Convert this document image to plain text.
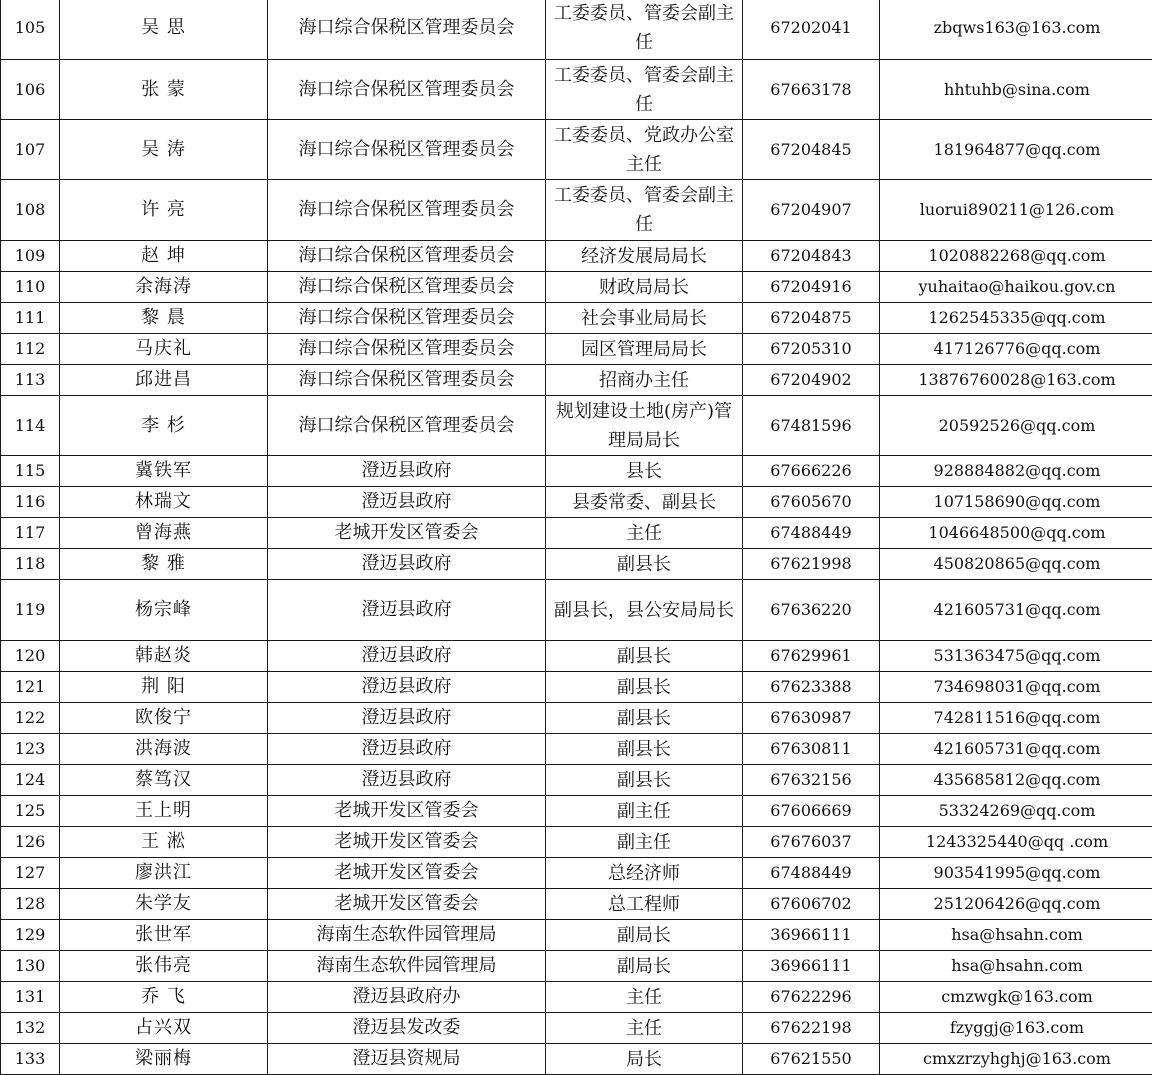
105	吴 思	海口综合保税区管理委员会	工委委员、管委会副主任	67202041	zbqws163@163.com
106	张 蒙	海口综合保税区管理委员会	工委委员、管委会副主任	67663178	hhtuhb@sina.com
107	吴 涛	海口综合保税区管理委员会	工委委员、党政办公室主任	67204845	181964877@qq.com
108	许 亮	海口综合保税区管理委员会	工委委员、管委会副主任	67204907	luorui890211@126.com
109	赵 坤	海口综合保税区管理委员会	经济发展局局长	67204843	1020882268@qq.com
110	余海涛	海口综合保税区管理委员会	财政局局长	67204916	yuhaitao@haikou.gov.cn
111	黎 晨	海口综合保税区管理委员会	社会事业局局长	67204875	1262545335@qq.com
112	马庆礼	海口综合保税区管理委员会	园区管理局局长	67205310	417126776@qq.com
113	邱进昌	海口综合保税区管理委员会	招商办主任	67204902	13876760028@163.com
114	李 杉	海口综合保税区管理委员会	规划建设土地(房产)管理局局长	67481596	20592526@qq.com
115	冀铁军	澄迈县政府	县长	67666226	928884882@qq.com
116	林瑞文	澄迈县政府	县委常委、副县长	67605670	107158690@qq.com
117	曾海燕	老城开发区管委会	主任	67488449	1046648500@qq.com
118	黎 雅	澄迈县政府	副县长	67621998	450820865@qq.com
119	杨宗峰	澄迈县政府	副县长，县公安局局长	67636220	421605731@qq.com
120	韩赵炎	澄迈县政府	副县长	67629961	531363475@qq.com
121	荆 阳	澄迈县政府	副县长	67623388	734698031@qq.com
122	欧俊宁	澄迈县政府	副县长	67630987	742811516@qq.com
123	洪海波	澄迈县政府	副县长	67630811	421605731@qq.com
124	蔡笃汉	澄迈县政府	副县长	67632156	435685812@qq.com
125	王上明	老城开发区管委会	副主任	67606669	53324269@qq.com
126	王 淞	老城开发区管委会	副主任	67676037	1243325440@qq .com
127	廖洪江	老城开发区管委会	总经济师	67488449	903541995@qq.com
128	朱学友	老城开发区管委会	总工程师	67606702	251206426@qq.com
129	张世军	海南生态软件园管理局	副局长	36966111	hsa@hsahn.com
130	张伟亮	海南生态软件园管理局	副局长	36966111	hsa@hsahn.com
131	乔 飞	澄迈县政府办	主任	67622296	cmzwgk@163.com
132	占兴双	澄迈县发改委	主任	67622198	fzyggj@163.com
133	梁丽梅	澄迈县资规局	局长	67621550	cmxzrzyhghj@163.com
